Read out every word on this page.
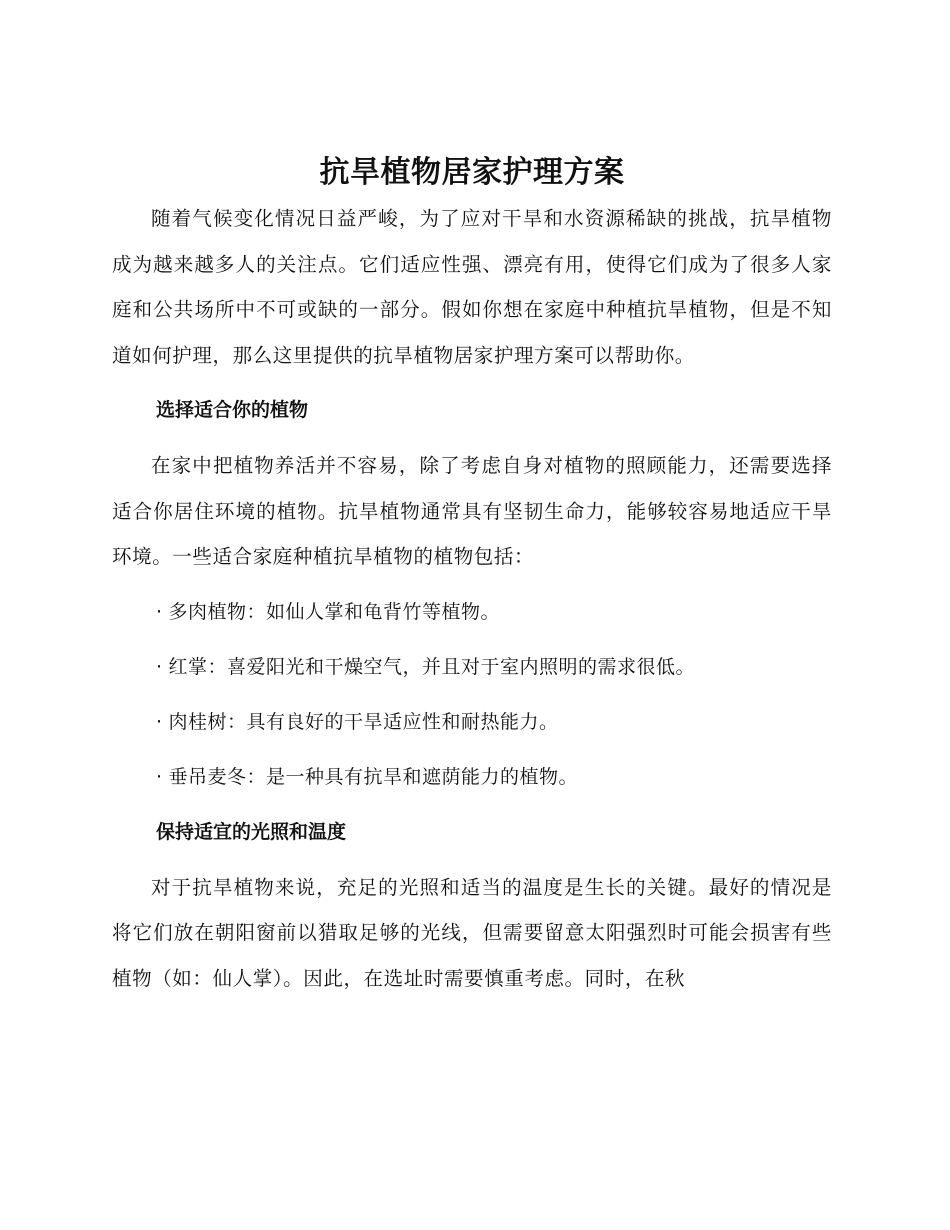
抗旱植物居家护理方案

随着气候变化情况日益严峻，为了应对干旱和水资源稀缺的挑战，抗旱植物成为越来越多人的关注点。它们适应性强、漂亮有用，使得它们成为了很多人家庭和公共场所中不可或缺的一部分。假如你想在家庭中种植抗旱植物，但是不知道如何护理，那么这里提供的抗旱植物居家护理方案可以帮助你。

选择适合你的植物

在家中把植物养活并不容易，除了考虑自身对植物的照顾能力，还需要选择适合你居住环境的植物。抗旱植物通常具有坚韧生命力，能够较容易地适应干旱环境。一些适合家庭种植抗旱植物的植物包括：

· 多肉植物：如仙人掌和龟背竹等植物。
· 红掌：喜爱阳光和干燥空气，并且对于室内照明的需求很低。
· 肉桂树：具有良好的干旱适应性和耐热能力。
· 垂吊麦冬：是一种具有抗旱和遮荫能力的植物。
保持适宜的光照和温度

对于抗旱植物来说，充足的光照和适当的温度是生长的关键。最好的情况是将它们放在朝阳窗前以猎取足够的光线，但需要留意太阳强烈时可能会损害有些植物（如：仙人掌）。因此，在选址时需要慎重考虑。同时，在秋
